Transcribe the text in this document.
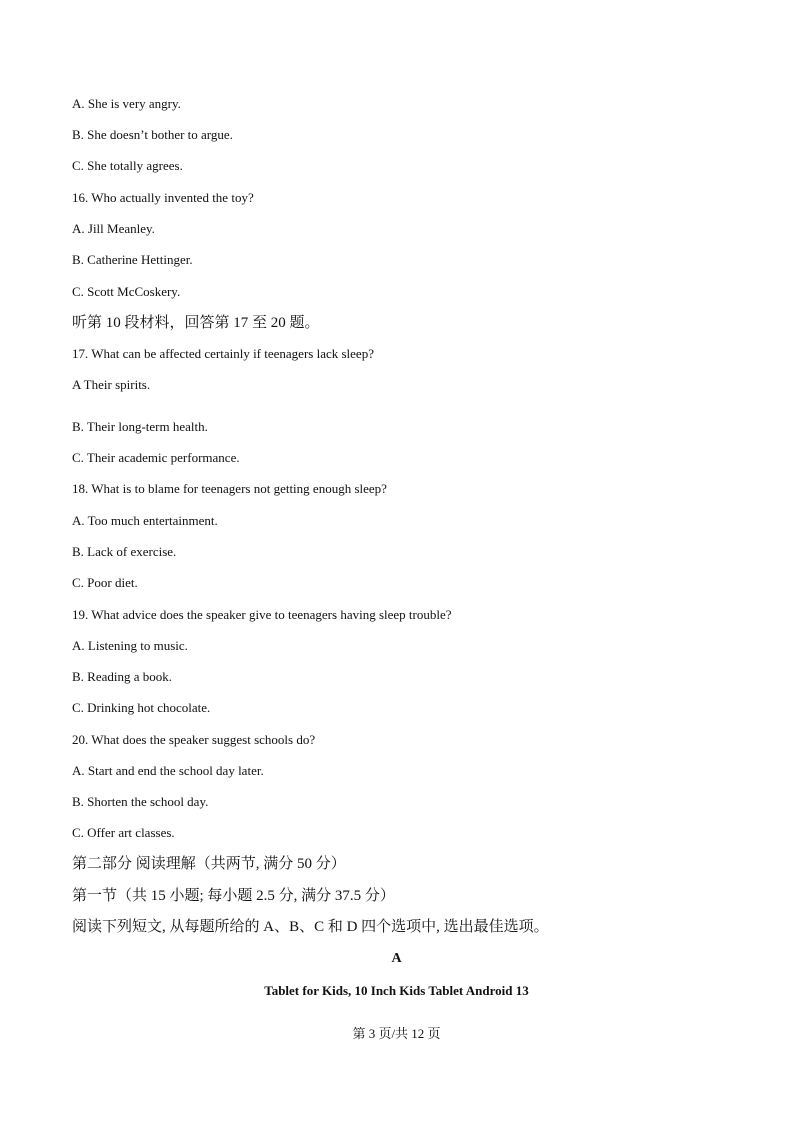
A. She is very angry.
B. She doesn’t bother to argue.
C. She totally agrees.
16. Who actually invented the toy?
A. Jill Meanley.
B. Catherine Hettinger.
C. Scott McCoskery.
听第 10 段材料，回答第 17 至 20 题。
17. What can be affected certainly if teenagers lack sleep?
A Their spirits.
B. Their long-term health.
C. Their academic performance.
18. What is to blame for teenagers not getting enough sleep?
A. Too much entertainment.
B. Lack of exercise.
C. Poor diet.
19. What advice does the speaker give to teenagers having sleep trouble?
A. Listening to music.
B. Reading a book.
C. Drinking hot chocolate.
20. What does the speaker suggest schools do?
A. Start and end the school day later.
B. Shorten the school day.
C. Offer art classes.
第二部分 阅读理解（共两节, 满分 50 分）
第一节（共 15 小题; 每小题 2.5 分, 满分 37.5 分）
阅读下列短文, 从每题所给的 A、B、C 和 D 四个选项中, 选出最佳选项。
A
Tablet for Kids, 10 Inch Kids Tablet Android 13
第 3 页/共 12 页
